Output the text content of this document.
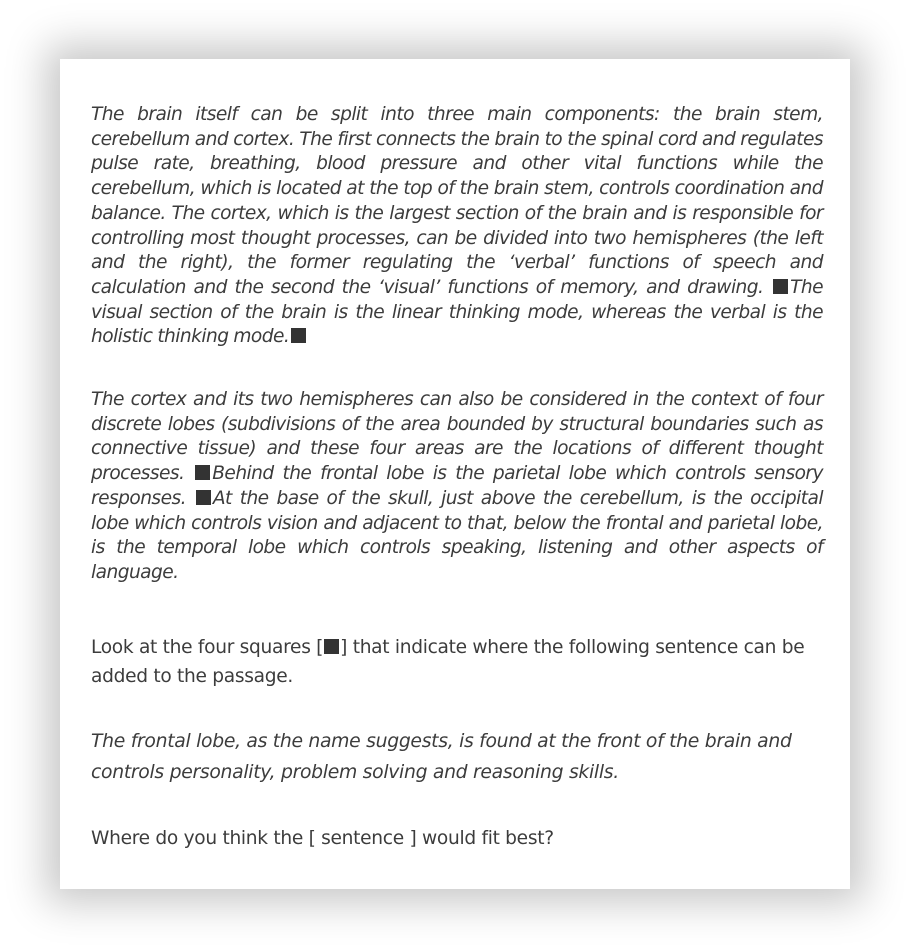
The brain itself can be split into three main components: the brain stem, cerebellum and cortex. The first connects the brain to the spinal cord and regulates pulse rate, breathing, blood pressure and other vital functions while the cerebellum, which is located at the top of the brain stem, controls coordination and balance. The cortex, which is the largest section of the brain and is responsible for controlling most thought processes, can be divided into two hemispheres (the left and the right), the former regulating the ‘verbal’ functions of speech and calculation and the second the ‘visual’ functions of memory, and drawing. The visual section of the brain is the linear thinking mode, whereas the verbal is the holistic thinking mode.

The cortex and its two hemispheres can also be considered in the context of four discrete lobes (subdivisions of the area bounded by structural boundaries such as connective tissue) and these four areas are the locations of different thought processes. Behind the frontal lobe is the parietal lobe which controls sensory responses. At the base of the skull, just above the cerebellum, is the occipital lobe which controls vision and adjacent to that, below the frontal and parietal lobe, is the temporal lobe which controls speaking, listening and other aspects of language.

Look at the four squares [ ] that indicate where the following sentence can be added to the passage.

The frontal lobe, as the name suggests, is found at the front of the brain and controls personality, problem solving and reasoning skills.

Where do you think the [ sentence ] would fit best?
